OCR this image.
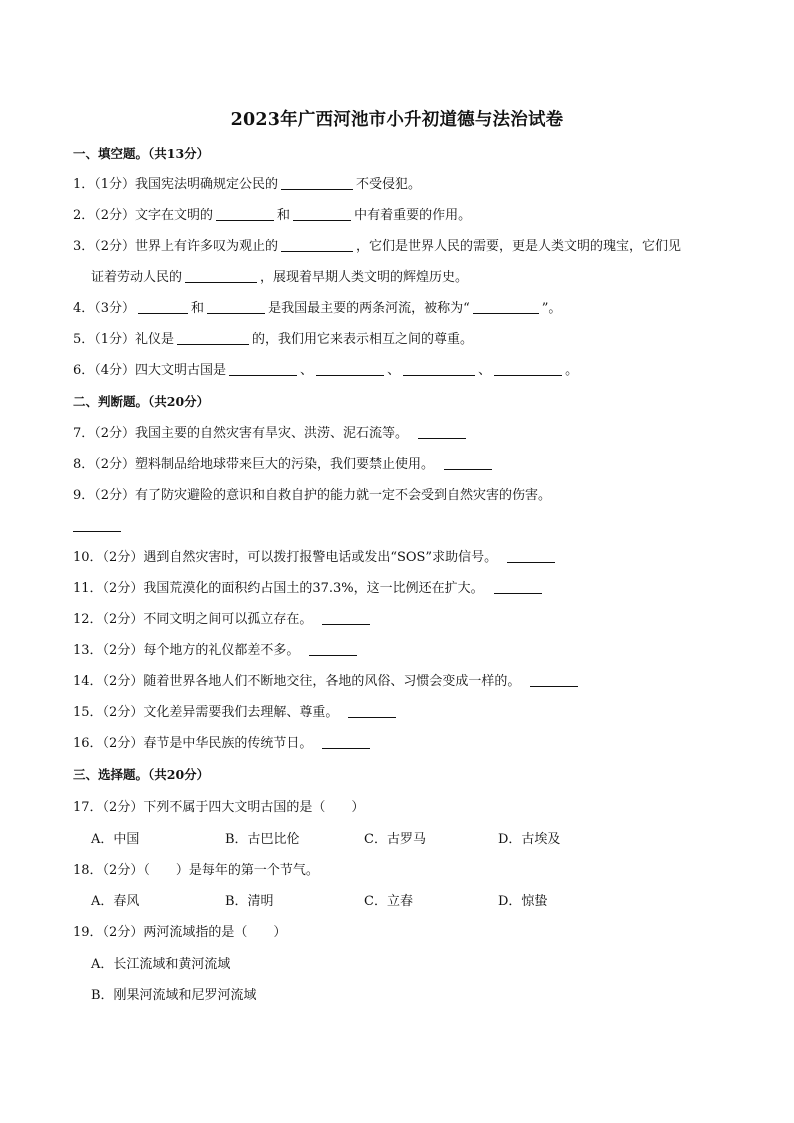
2023年广西河池市小升初道德与法治试卷
一、填空题。（共13分）
1．（1分）我国宪法明确规定公民的	不受侵犯。
2．（2分）文字在文明的	和	中有着重要的作用。
3．（2分）世界上有许多叹为观止的	，它们是世界人民的需要，更是人类文明的瑰宝，它们见
证着劳动人民的	，展现着早期人类文明的辉煌历史。
4．（3分）	和	是我国最主要的两条河流，被称为“	”。
5．（1分）礼仪是	的，我们用它来表示相互之间的尊重。
6．（4分）四大文明古国是	、	、	、	。
二、判断题。（共20分）
7．（2分）我国主要的自然灾害有旱灾、洪涝、泥石流等。
8．（2分）塑料制品给地球带来巨大的污染，我们要禁止使用。
9．（2分）有了防灾避险的意识和自救自护的能力就一定不会受到自然灾害的伤害。
10．（2分）遇到自然灾害时，可以拨打报警电话或发出“SOS”求助信号。
11．（2分）我国荒漠化的面积约占国土的37.3%，这一比例还在扩大。
12．（2分）不同文明之间可以孤立存在。
13．（2分）每个地方的礼仪都差不多。
14．（2分）随着世界各地人们不断地交往，各地的风俗、习惯会变成一样的。
15．（2分）文化差异需要我们去理解、尊重。
16．（2分）春节是中华民族的传统节日。
三、选择题。（共20分）
17．（2分）下列不属于四大文明古国的是（　　）
A．中国	B．古巴比伦	C．古罗马	D．古埃及
18．（2分）（　　）是每年的第一个节气。
A．春风	B．清明	C．立春	D．惊蛰
19．（2分）两河流域指的是（　　）
A．长江流域和黄河流域
B．刚果河流域和尼罗河流域
